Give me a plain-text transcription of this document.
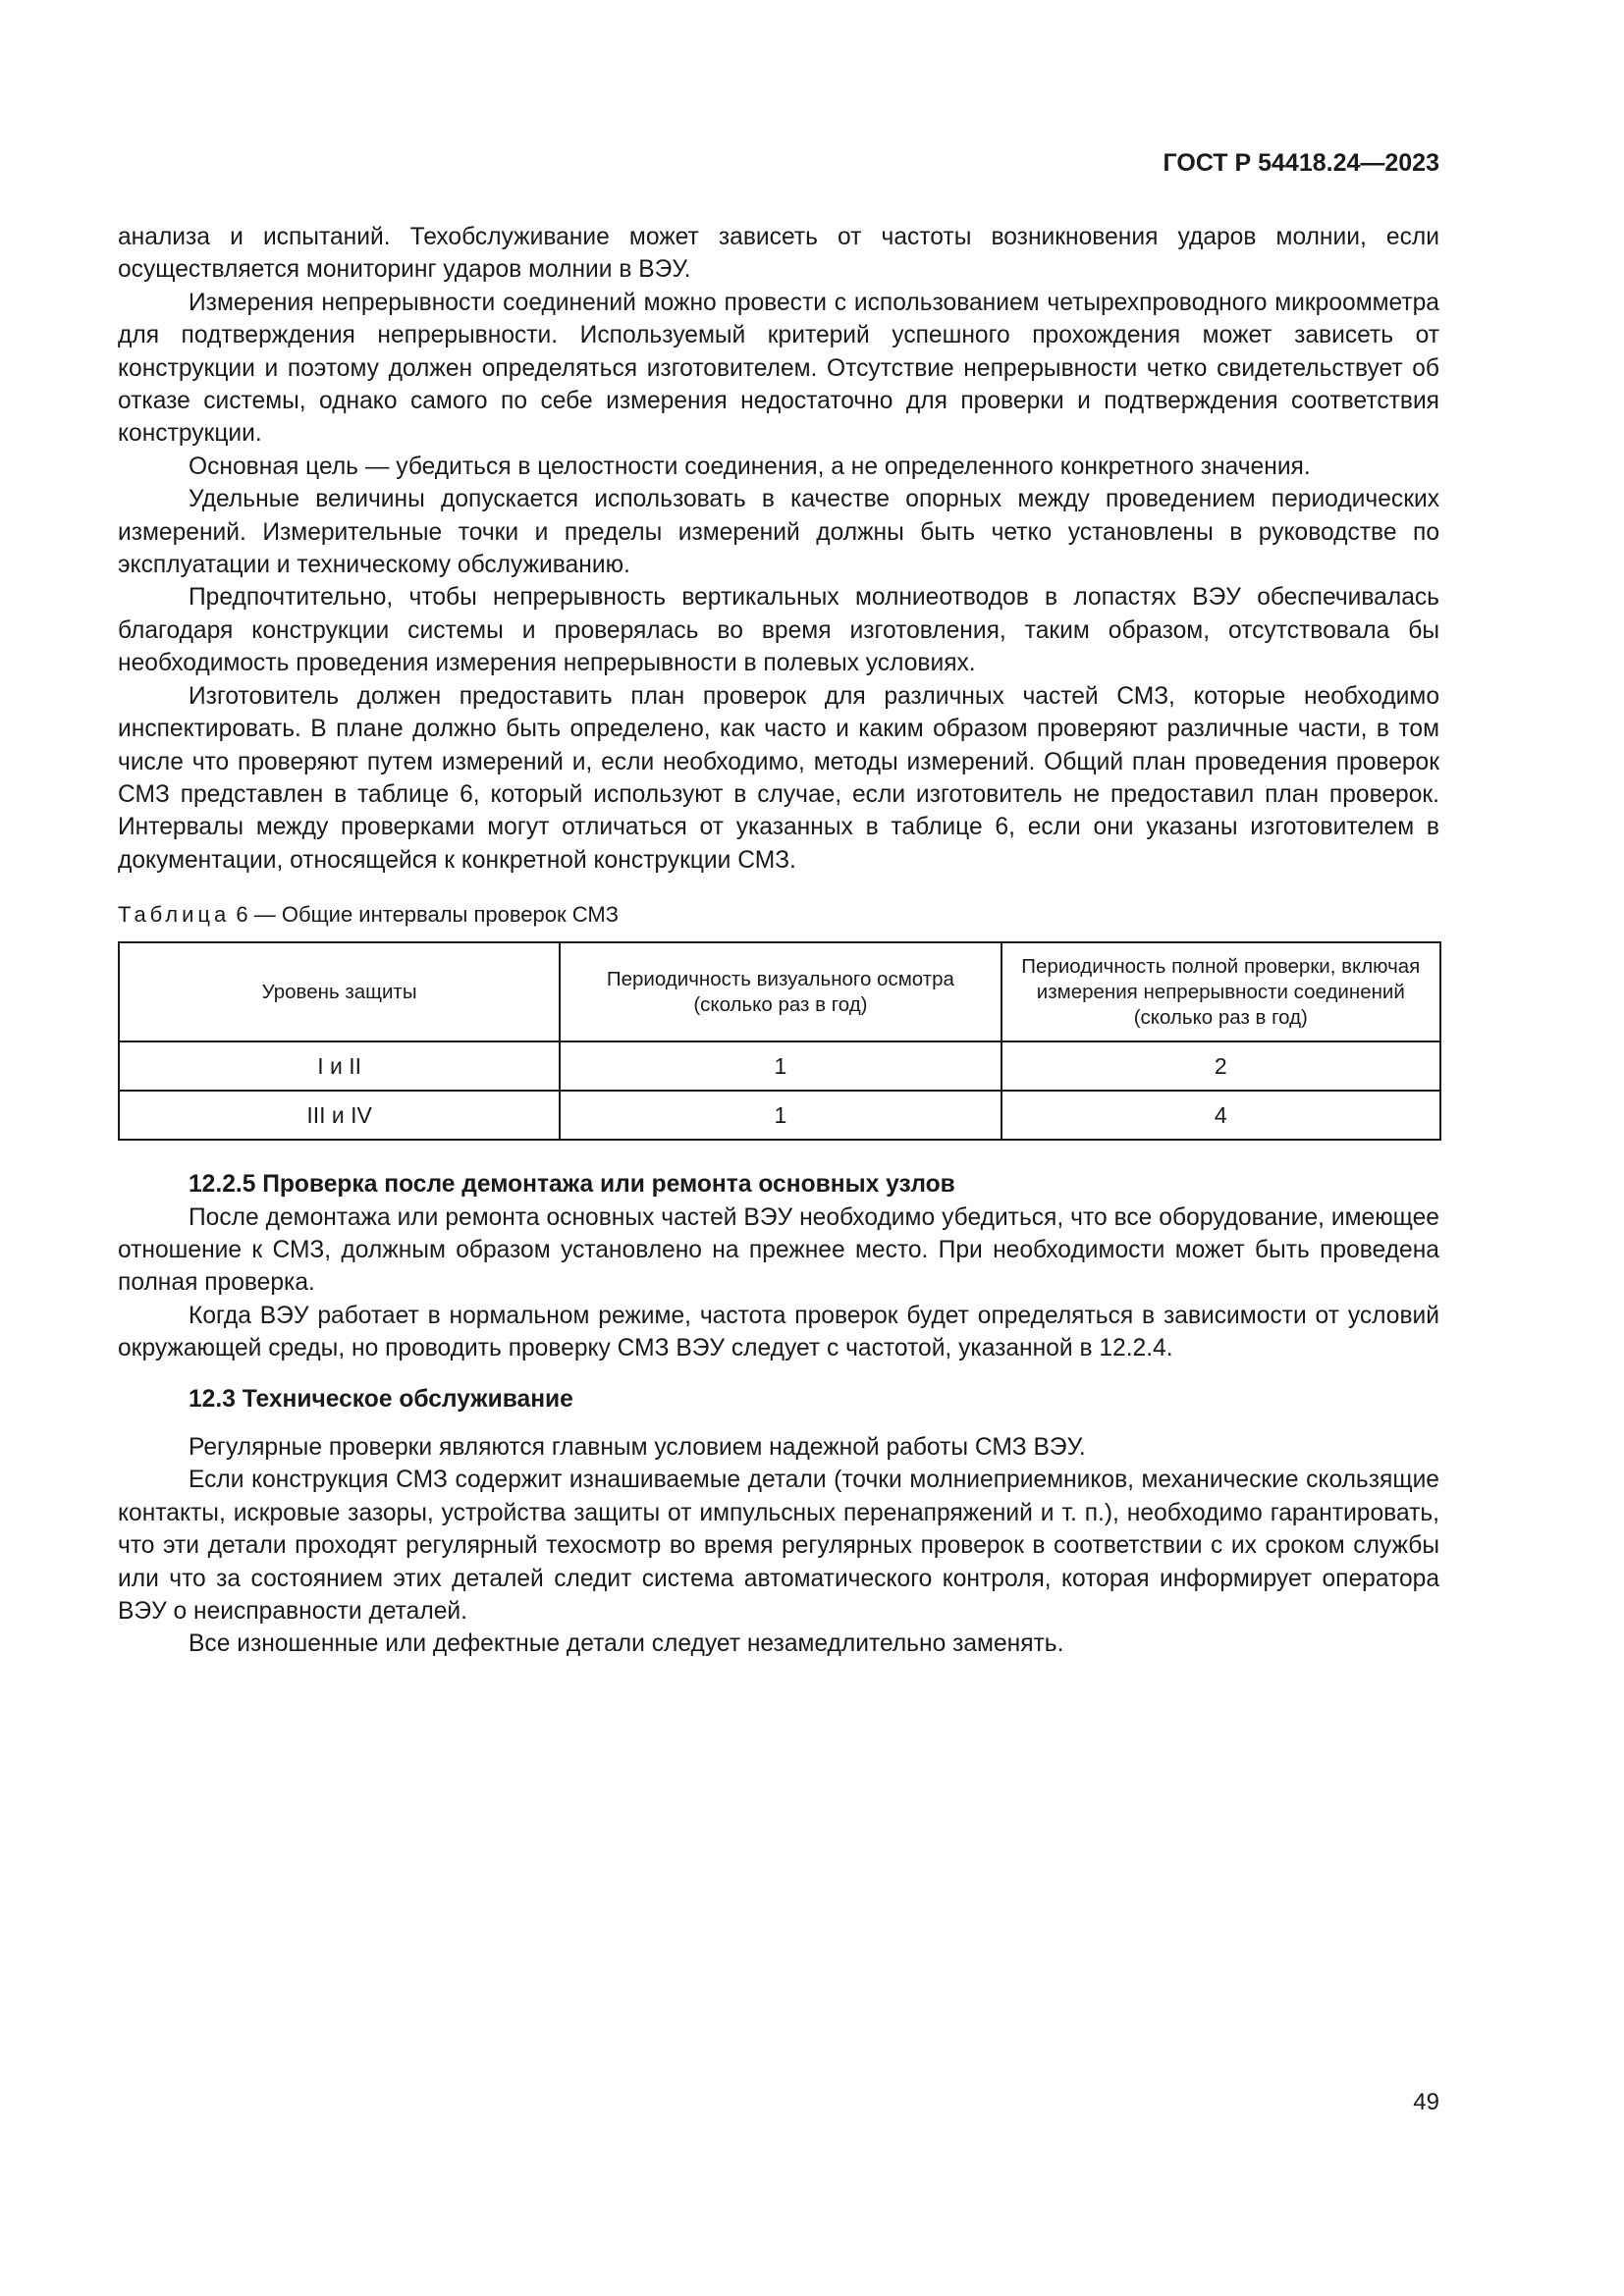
ГОСТ Р 54418.24—2023

анализа и испытаний. Техобслуживание может зависеть от частоты возникновения ударов молнии, если осуществляется мониторинг ударов молнии в ВЭУ.

Измерения непрерывности соединений можно провести с использованием четырехпроводного микроомметра для подтверждения непрерывности. Используемый критерий успешного прохождения может зависеть от конструкции и поэтому должен определяться изготовителем. Отсутствие непрерывности четко свидетельствует об отказе системы, однако самого по себе измерения недостаточно для проверки и подтверждения соответствия конструкции.

Основная цель — убедиться в целостности соединения, а не определенного конкретного значения.

Удельные величины допускается использовать в качестве опорных между проведением периодических измерений. Измерительные точки и пределы измерений должны быть четко установлены в руководстве по эксплуатации и техническому обслуживанию.

Предпочтительно, чтобы непрерывность вертикальных молниеотводов в лопастях ВЭУ обеспечивалась благодаря конструкции системы и проверялась во время изготовления, таким образом, отсутствовала бы необходимость проведения измерения непрерывности в полевых условиях.

Изготовитель должен предоставить план проверок для различных частей СМЗ, которые необходимо инспектировать. В плане должно быть определено, как часто и каким образом проверяют различные части, в том числе что проверяют путем измерений и, если необходимо, методы измерений. Общий план проведения проверок СМЗ представлен в таблице 6, который используют в случае, если изготовитель не предоставил план проверок. Интервалы между проверками могут отличаться от указанных в таблице 6, если они указаны изготовителем в документации, относящейся к конкретной конструкции СМЗ.

Таблица 6 — Общие интервалы проверок СМЗ
Уровень защиты	Периодичность визуального осмотра (сколько раз в год)	Периодичность полной проверки, включая измерения непрерывности соединений (сколько раз в год)
I и II	1	2
III и IV	1	4

12.2.5 Проверка после демонтажа или ремонта основных узлов

После демонтажа или ремонта основных частей ВЭУ необходимо убедиться, что все оборудование, имеющее отношение к СМЗ, должным образом установлено на прежнее место. При необходимости может быть проведена полная проверка.

Когда ВЭУ работает в нормальном режиме, частота проверок будет определяться в зависимости от условий окружающей среды, но проводить проверку СМЗ ВЭУ следует с частотой, указанной в 12.2.4.

12.3 Техническое обслуживание

Регулярные проверки являются главным условием надежной работы СМЗ ВЭУ.

Если конструкция СМЗ содержит изнашиваемые детали (точки молниеприемников, механические скользящие контакты, искровые зазоры, устройства защиты от импульсных перенапряжений и т. п.), необходимо гарантировать, что эти детали проходят регулярный техосмотр во время регулярных проверок в соответствии с их сроком службы или что за состоянием этих деталей следит система автоматического контроля, которая информирует оператора ВЭУ о неисправности деталей.

Все изношенные или дефектные детали следует незамедлительно заменять.

49
